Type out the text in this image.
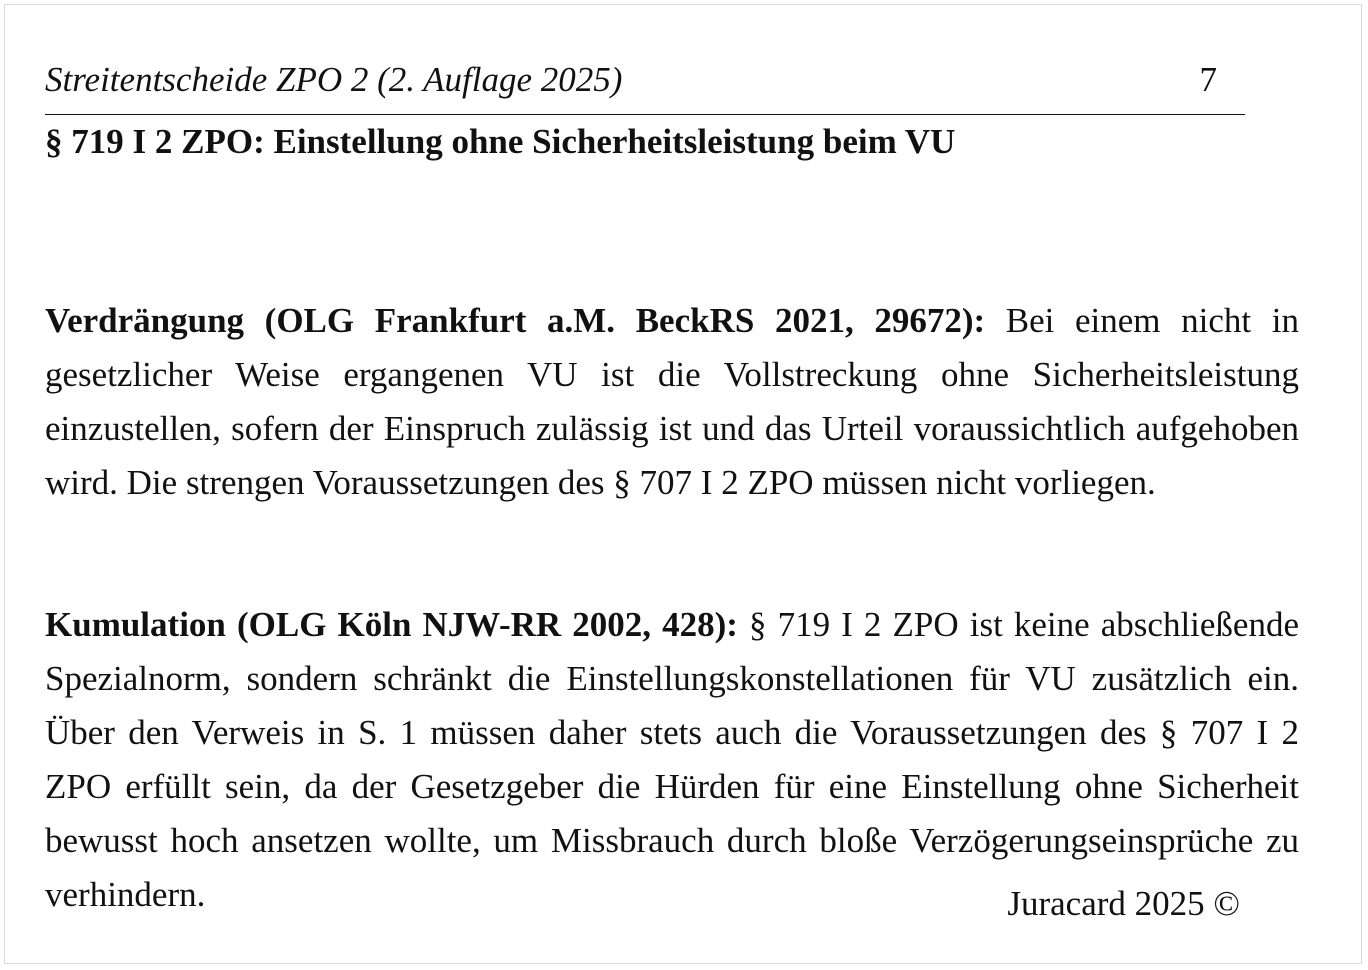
Streitentscheide ZPO 2 (2. Auflage 2025)	7
§ 719 I 2 ZPO: Einstellung ohne Sicherheitsleistung beim VU

Verdrängung (OLG Frankfurt a.M. BeckRS 2021, 29672): Bei einem nicht in gesetzlicher Weise ergangenen VU ist die Vollstreckung ohne Sicherheitsleistung einzustellen, sofern der Einspruch zulässig ist und das Urteil voraussichtlich aufgehoben wird. Die strengen Voraussetzungen des § 707 I 2 ZPO müssen nicht vorliegen.

Kumulation (OLG Köln NJW-RR 2002, 428): § 719 I 2 ZPO ist keine abschließende Spezialnorm, sondern schränkt die Einstellungskonstellationen für VU zusätzlich ein. Über den Verweis in S. 1 müssen daher stets auch die Voraussetzungen des § 707 I 2 ZPO erfüllt sein, da der Gesetzgeber die Hürden für eine Einstellung ohne Sicherheit bewusst hoch ansetzen wollte, um Missbrauch durch bloße Verzögerungseinsprüche zu verhindern.	Juracard 2025 ©
